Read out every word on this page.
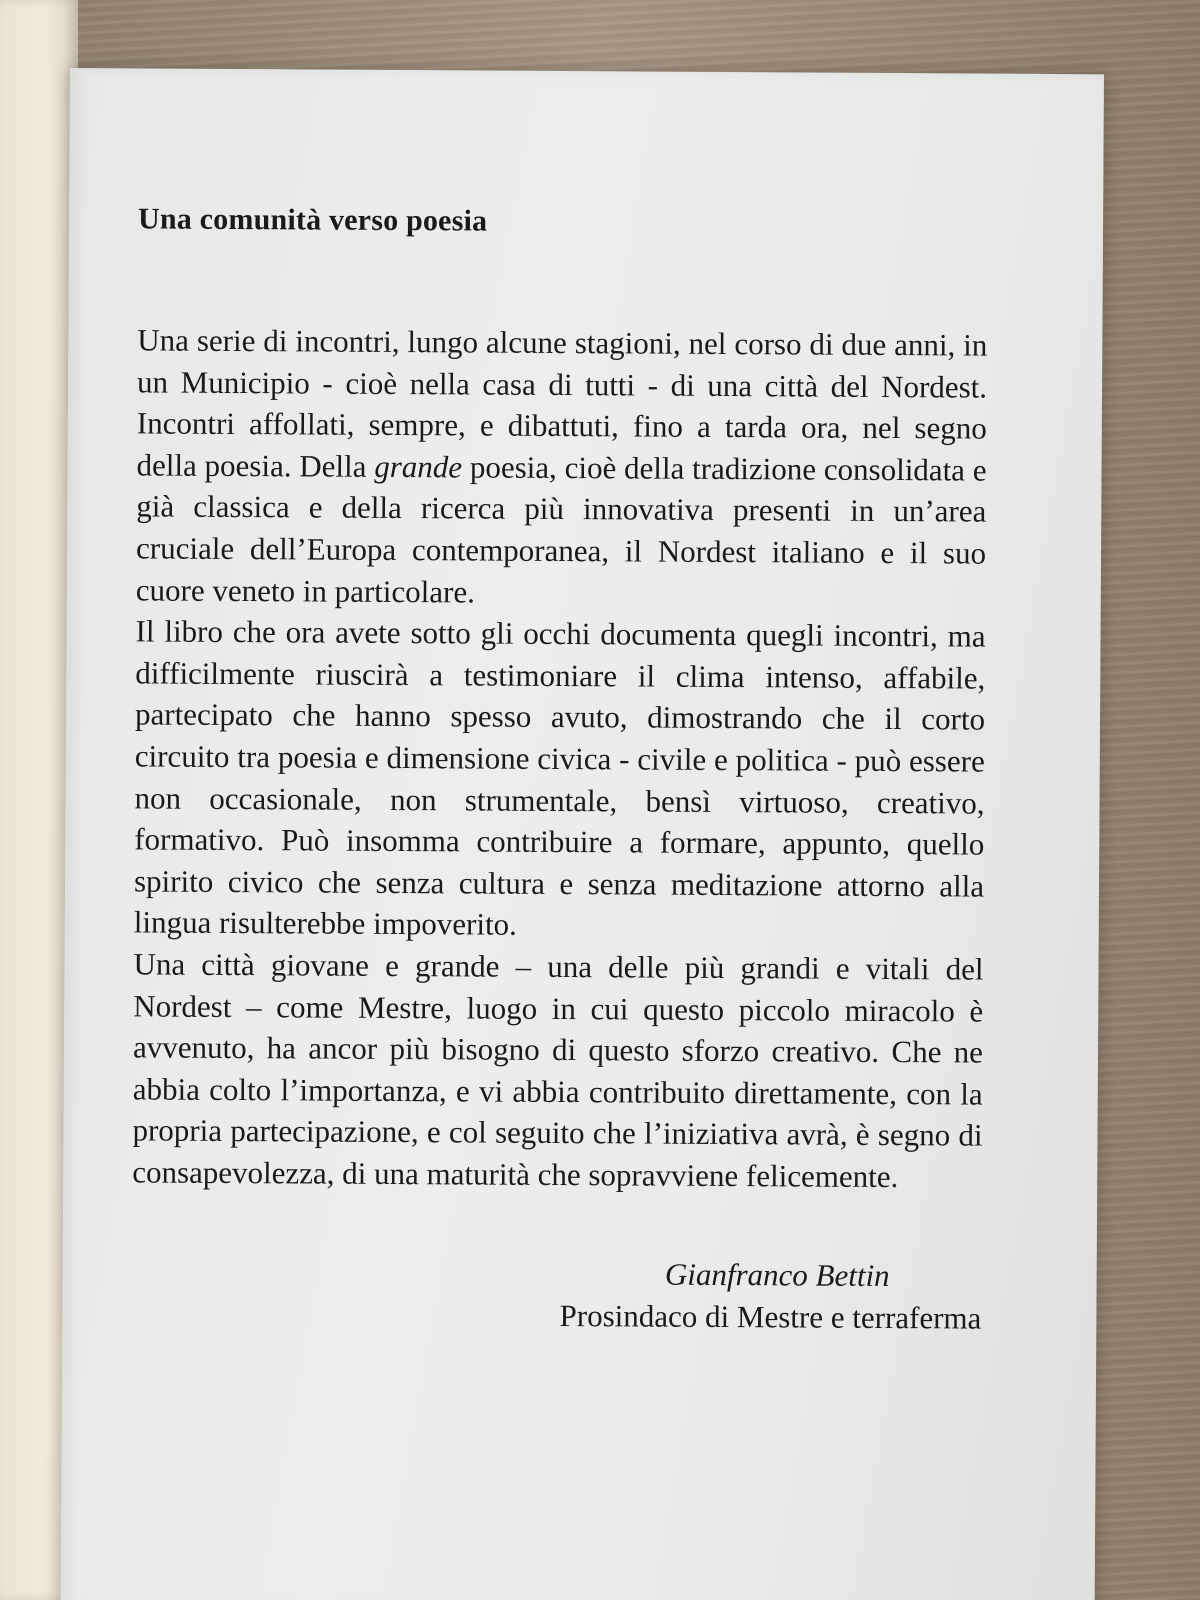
Una comunità verso poesia

Una serie di incontri, lungo alcune stagioni, nel corso di due anni, in un Municipio - cioè nella casa di tutti - di una città del Nordest. Incontri affollati, sempre, e dibattuti, fino a tarda ora, nel segno della poesia. Della grande poesia, cioè della tradizione consolidata e già classica e della ricerca più innovativa presenti in un’area cruciale dell’Europa contemporanea, il Nordest italiano e il suo cuore veneto in particolare.

Il libro che ora avete sotto gli occhi documenta quegli incontri, ma difficilmente riuscirà a testimoniare il clima intenso, affabile, partecipato che hanno spesso avuto, dimostrando che il corto circuito tra poesia e dimensione civica - civile e politica - può essere non occasionale, non strumentale, bensì virtuoso, creativo, formativo. Può insomma contribuire a formare, appunto, quello spirito civico che senza cultura e senza meditazione attorno alla lingua risulterebbe impoverito.

Una città giovane e grande – una delle più grandi e vitali del Nordest – come Mestre, luogo in cui questo piccolo miracolo è avvenuto, ha ancor più bisogno di questo sforzo creativo. Che ne abbia colto l’importanza, e vi abbia contribuito direttamente, con la propria partecipazione, e col seguito che l’iniziativa avrà, è segno di consapevolezza, di una maturità che sopravviene felicemente.

Gianfranco Bettin
Prosindaco di Mestre e terraferma
